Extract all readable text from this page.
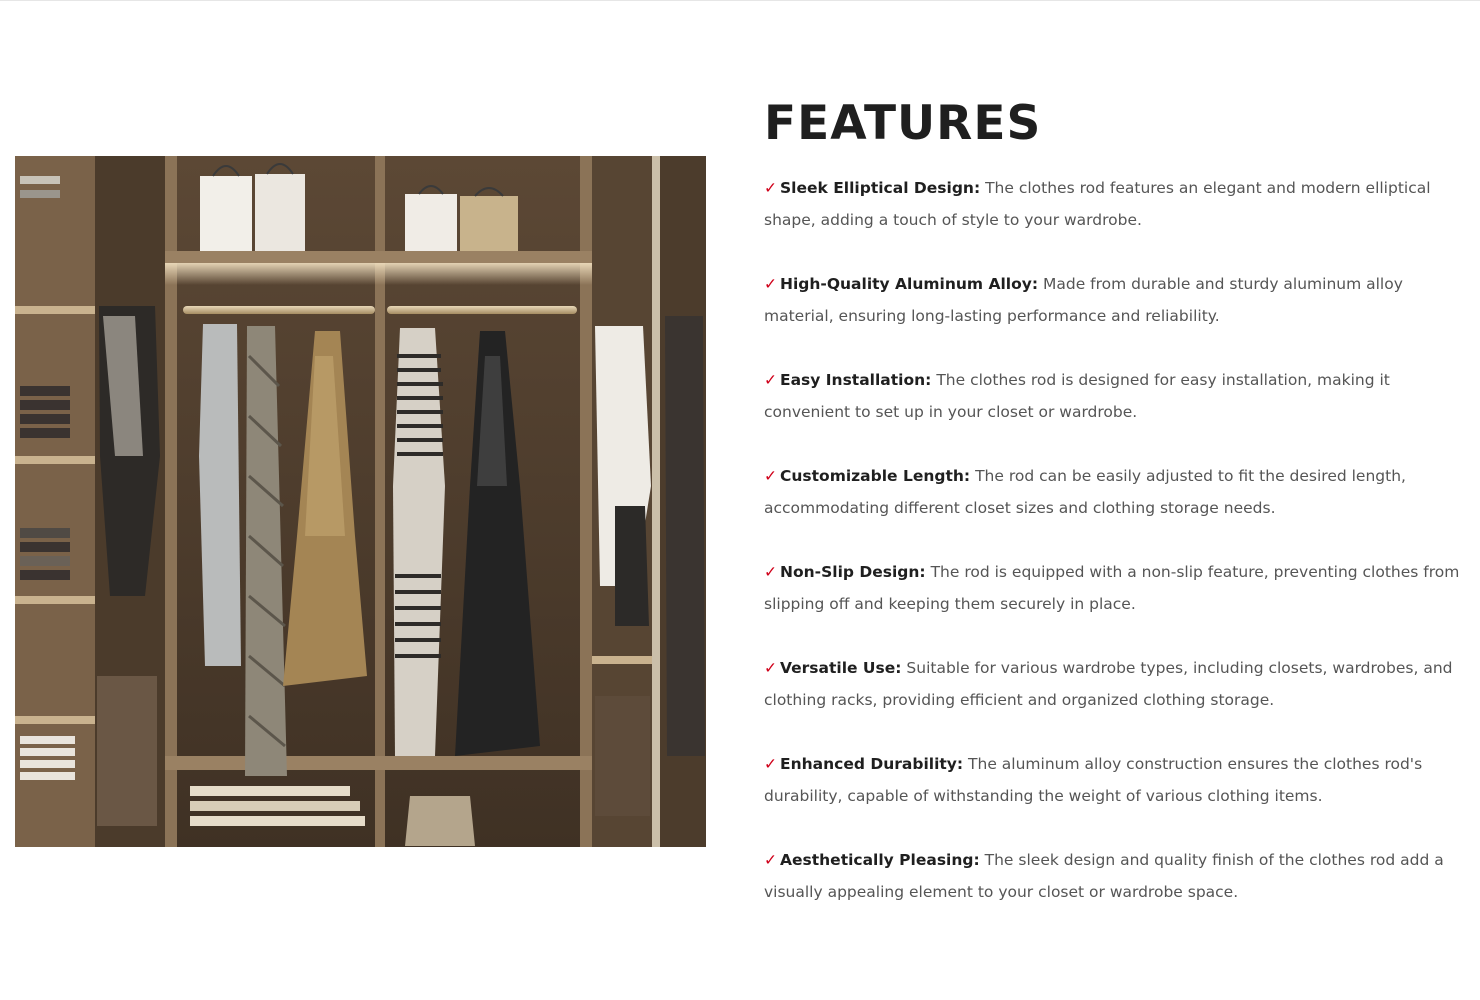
FEATURES
✓ Sleek Elliptical Design: The clothes rod features an elegant and modern elliptical shape, adding a touch of style to your wardrobe.
✓ High-Quality Aluminum Alloy: Made from durable and sturdy aluminum alloy material, ensuring long-lasting performance and reliability.
✓ Easy Installation: The clothes rod is designed for easy installation, making it convenient to set up in your closet or wardrobe.
✓ Customizable Length: The rod can be easily adjusted to fit the desired length, accommodating different closet sizes and clothing storage needs.
✓ Non-Slip Design: The rod is equipped with a non-slip feature, preventing clothes from slipping off and keeping them securely in place.
✓ Versatile Use: Suitable for various wardrobe types, including closets, wardrobes, and clothing racks, providing efficient and organized clothing storage.
✓ Enhanced Durability: The aluminum alloy construction ensures the clothes rod's durability, capable of withstanding the weight of various clothing items.
✓ Aesthetically Pleasing: The sleek design and quality finish of the clothes rod add a visually appealing element to your closet or wardrobe space.
